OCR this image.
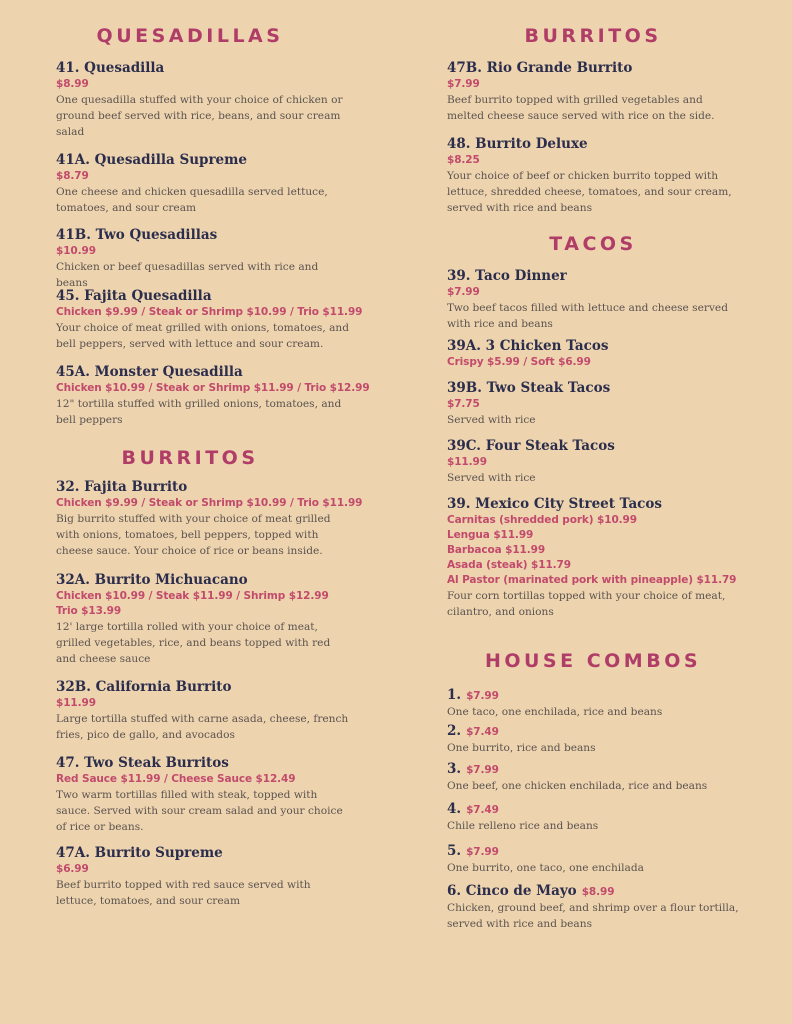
QUESADILLAS
41. Quesadilla
$8.99
One quesadilla stuffed with your choice of chicken or ground beef served with rice, beans, and sour cream salad
41A. Quesadilla Supreme
$8.79
One cheese and chicken quesadilla served lettuce, tomatoes, and sour cream
41B. Two Quesadillas
$10.99
Chicken or beef quesadillas served with rice and beans
45. Fajita Quesadilla
Chicken $9.99 / Steak or Shrimp $10.99 / Trio $11.99
Your choice of meat grilled with onions, tomatoes, and bell peppers, served with lettuce and sour cream.
45A. Monster Quesadilla
Chicken $10.99 / Steak or Shrimp $11.99 / Trio $12.99
12" tortilla stuffed with grilled onions, tomatoes, and bell peppers
BURRITOS
32. Fajita Burrito
Chicken $9.99 / Steak or Shrimp $10.99 / Trio $11.99
Big burrito stuffed with your choice of meat grilled with onions, tomatoes, bell peppers, topped with cheese sauce. Your choice of rice or beans inside.
32A. Burrito Michuacano
Chicken $10.99 / Steak $11.99 / Shrimp $12.99
Trio $13.99
12' large tortilla rolled with your choice of meat, grilled vegetables, rice, and beans topped with red and cheese sauce
32B. California Burrito
$11.99
Large tortilla stuffed with carne asada, cheese, french fries, pico de gallo, and avocados
47. Two Steak Burritos
Red Sauce $11.99 / Cheese Sauce $12.49
Two warm tortillas filled with steak, topped with sauce. Served with sour cream salad and your choice of rice or beans.
47A. Burrito Supreme
$6.99
Beef burrito topped with red sauce served with lettuce, tomatoes, and sour cream
BURRITOS
47B. Rio Grande Burrito
$7.99
Beef burrito topped with grilled vegetables and melted cheese sauce served with rice on the side.
48. Burrito Deluxe
$8.25
Your choice of beef or chicken burrito topped with lettuce, shredded cheese, tomatoes, and sour cream, served with rice and beans
TACOS
39. Taco Dinner
$7.99
Two beef tacos filled with lettuce and cheese served with rice and beans
39A. 3 Chicken Tacos
Crispy $5.99 / Soft $6.99
39B. Two Steak Tacos
$7.75
Served with rice
39C. Four Steak Tacos
$11.99
Served with rice
39. Mexico City Street Tacos
Carnitas (shredded pork) $10.99
Lengua $11.99
Barbacoa $11.99
Asada (steak) $11.79
Al Pastor (marinated pork with pineapple) $11.79
Four corn tortillas topped with your choice of meat, cilantro, and onions
HOUSE COMBOS
1. $7.99
One taco, one enchilada, rice and beans
2. $7.49
One burrito, rice and beans
3. $7.99
One beef, one chicken enchilada, rice and beans
4. $7.49
Chile relleno rice and beans
5. $7.99
One burrito, one taco, one enchilada
6. Cinco de Mayo $8.99
Chicken, ground beef, and shrimp over a flour tortilla, served with rice and beans
